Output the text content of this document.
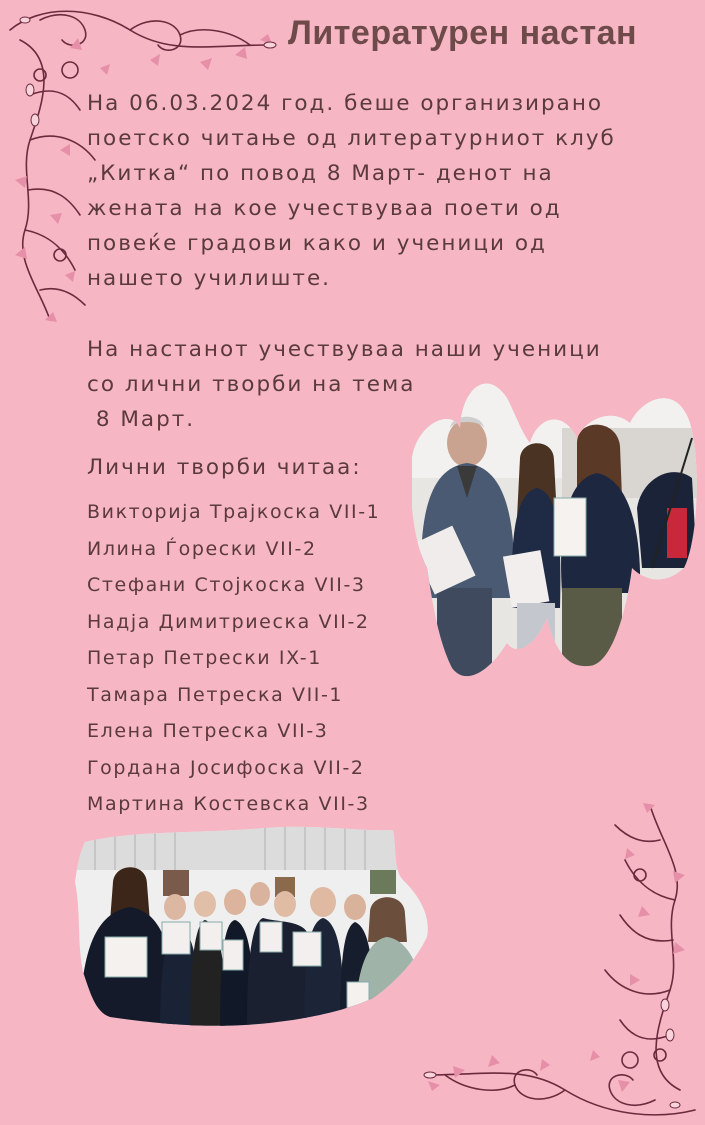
Литературен настан
На 06.03.2024 год. беше организирано
поетско читање од литературниот клуб
„Китка“ по повод 8 Март- денот на
жената на кое учествуваа поети од
повеќе градови како и ученици од
нашето училиште.
На настанот учествуваа наши ученици
со лични творби на тема
8 Март.
Лични творби читаа:
Викторија Трајкоска VII-1
Илина Ѓорески VII-2
Стефани Стојкоска VII-3
Надја Димитриеска VII-2
Петар Петрески IX-1
Тамара Петреска VII-1
Елена Петреска VII-3
Гордана Јосифоска VII-2
Мартина Костевска VII-3
